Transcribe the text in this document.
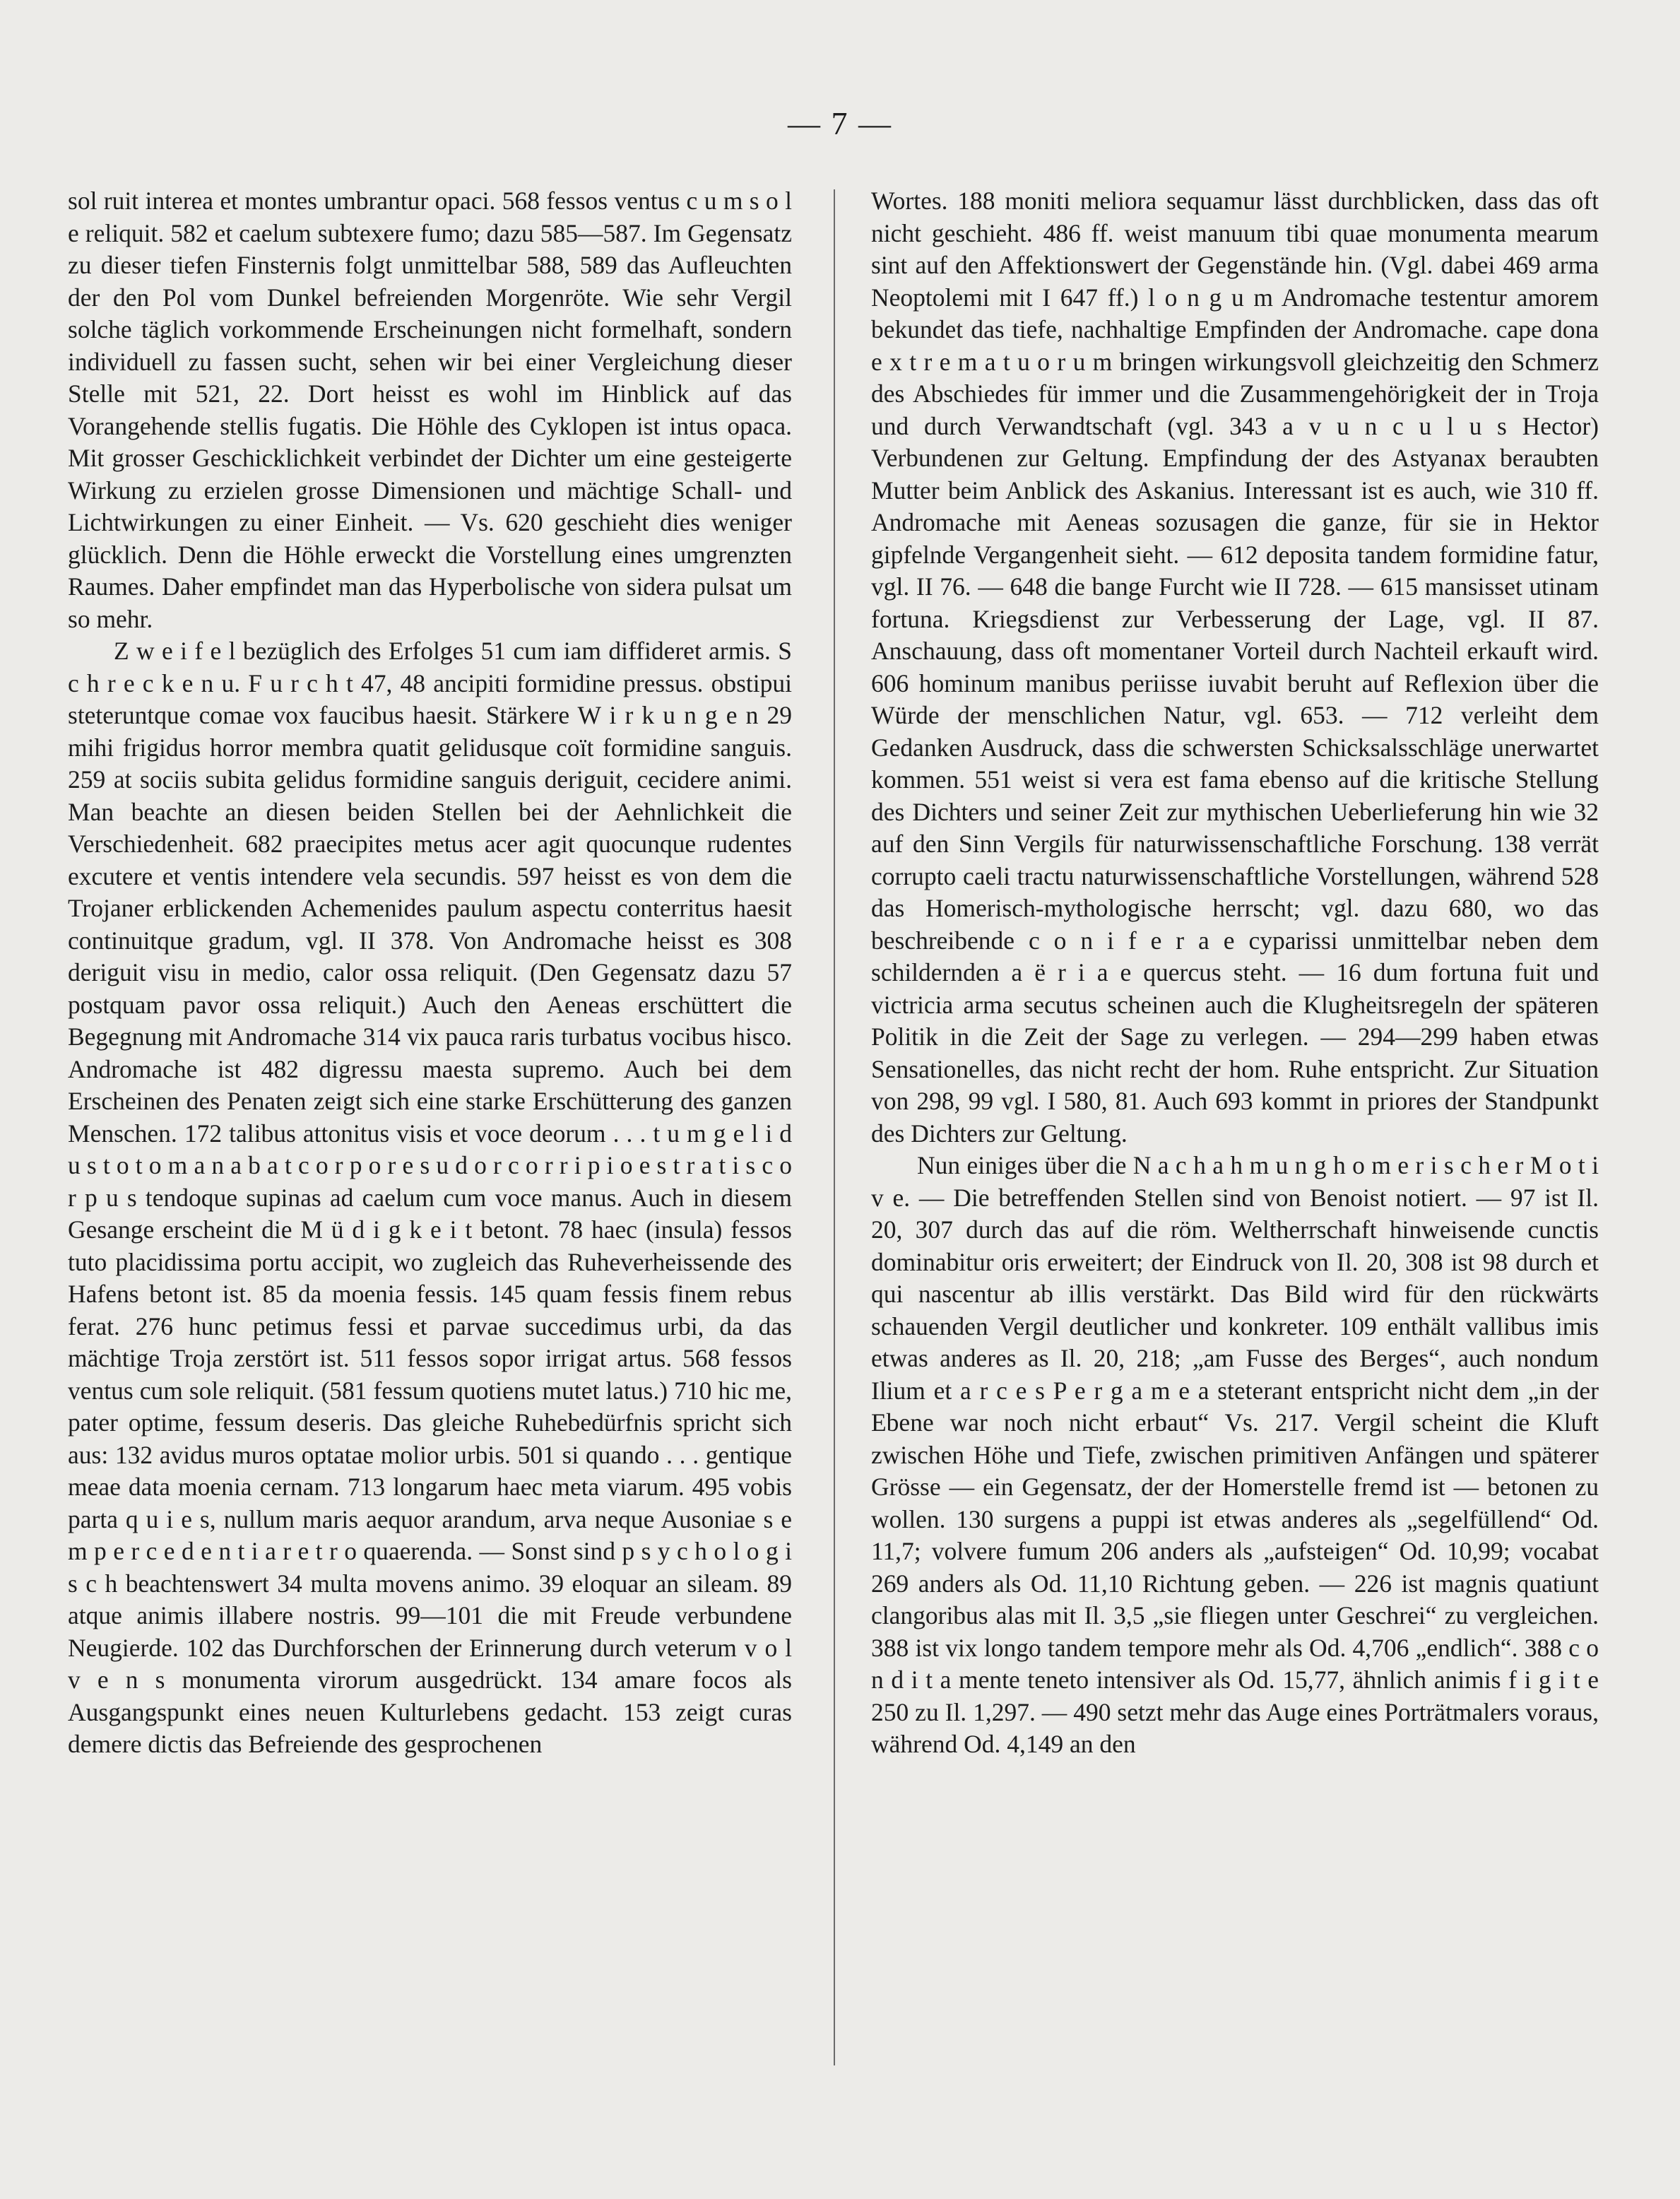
— 7 —

sol ruit interea et montes umbrantur opaci. 568 fessos ventus c u m s o l e reliquit. 582 et caelum subtexere fumo; dazu 585—587. Im Gegensatz zu dieser tiefen Finsternis folgt unmittelbar 588, 589 das Aufleuchten der den Pol vom Dunkel befreienden Morgenröte. Wie sehr Vergil solche täglich vorkommende Erscheinungen nicht formelhaft, sondern individuell zu fassen sucht, sehen wir bei einer Vergleichung dieser Stelle mit 521, 22. Dort heisst es wohl im Hinblick auf das Vorangehende stellis fugatis. Die Höhle des Cyklopen ist intus opaca. Mit grosser Geschicklichkeit verbindet der Dichter um eine gesteigerte Wirkung zu erzielen grosse Dimensionen und mächtige Schall- und Lichtwirkungen zu einer Einheit. — Vs. 620 geschieht dies weniger glücklich. Denn die Höhle erweckt die Vorstellung eines umgrenzten Raumes. Daher empfindet man das Hyperbolische von sidera pulsat um so mehr.

Z w e i f e l bezüglich des Erfolges 51 cum iam diffideret armis. S c h r e c k e n u. F u r c h t 47, 48 ancipiti formidine pressus. obstipui steteruntque comae vox faucibus haesit. Stärkere W i r k u n g e n 29 mihi frigidus horror membra quatit gelidusque coït formidine sanguis. 259 at sociis subita gelidus formidine sanguis deriguit, cecidere animi. Man beachte an diesen beiden Stellen bei der Aehnlichkeit die Verschiedenheit. 682 praecipites metus acer agit quocunque rudentes excutere et ventis intendere vela secundis. 597 heisst es von dem die Trojaner erblickenden Achemenides paulum aspectu conterritus haesit continuitque gradum, vgl. II 378. Von Andromache heisst es 308 deriguit visu in medio, calor ossa reliquit. (Den Gegensatz dazu 57 postquam pavor ossa reliquit.) Auch den Aeneas erschüttert die Begegnung mit Andromache 314 vix pauca raris turbatus vocibus hisco. Andromache ist 482 digressu maesta supremo. Auch bei dem Erscheinen des Penaten zeigt sich eine starke Erschütterung des ganzen Menschen. 172 talibus attonitus visis et voce deorum . . . t u m g e l i d u s t o t o m a n a b a t c o r p o r e s u d o r c o r r i p i o e s t r a t i s c o r p u s tendoque supinas ad caelum cum voce manus. Auch in diesem Gesange erscheint die M ü d i g k e i t betont. 78 haec (insula) fessos tuto placidissima portu accipit, wo zugleich das Ruheverheissende des Hafens betont ist. 85 da moenia fessis. 145 quam fessis finem rebus ferat. 276 hunc petimus fessi et parvae succedimus urbi, da das mächtige Troja zerstört ist. 511 fessos sopor irrigat artus. 568 fessos ventus cum sole reliquit. (581 fessum quotiens mutet latus.) 710 hic me, pater optime, fessum deseris. Das gleiche Ruhebedürfnis spricht sich aus: 132 avidus muros optatae molior urbis. 501 si quando . . . gentique meae data moenia cernam. 713 longarum haec meta viarum. 495 vobis parta q u i e s, nullum maris aequor arandum, arva neque Ausoniae s e m p e r c e d e n t i a r e t r o quaerenda. — Sonst sind p s y c h o l o g i s c h beachtenswert 34 multa movens animo. 39 eloquar an sileam. 89 atque animis illabere nostris. 99—101 die mit Freude verbundene Neugierde. 102 das Durchforschen der Erinnerung durch veterum v o l v e n s monumenta virorum ausgedrückt. 134 amare focos als Ausgangspunkt eines neuen Kulturlebens gedacht. 153 zeigt curas demere dictis das Befreiende des gesprochenen

Wortes. 188 moniti meliora sequamur lässt durchblicken, dass das oft nicht geschieht. 486 ff. weist manuum tibi quae monumenta mearum sint auf den Affektionswert der Gegenstände hin. (Vgl. dabei 469 arma Neoptolemi mit I 647 ff.) l o n g u m Andromache testentur amorem bekundet das tiefe, nachhaltige Empfinden der Andromache. cape dona e x t r e m a t u o r u m bringen wirkungsvoll gleichzeitig den Schmerz des Abschiedes für immer und die Zusammengehörigkeit der in Troja und durch Verwandtschaft (vgl. 343 a v u n c u l u s Hector) Verbundenen zur Geltung. Empfindung der des Astyanax beraubten Mutter beim Anblick des Askanius. Interessant ist es auch, wie 310 ff. Andromache mit Aeneas sozusagen die ganze, für sie in Hektor gipfelnde Vergangenheit sieht. — 612 deposita tandem formidine fatur, vgl. II 76. — 648 die bange Furcht wie II 728. — 615 mansisset utinam fortuna. Kriegsdienst zur Verbesserung der Lage, vgl. II 87. Anschauung, dass oft momentaner Vorteil durch Nachteil erkauft wird. 606 hominum manibus periisse iuvabit beruht auf Reflexion über die Würde der menschlichen Natur, vgl. 653. — 712 verleiht dem Gedanken Ausdruck, dass die schwersten Schicksalsschläge unerwartet kommen. 551 weist si vera est fama ebenso auf die kritische Stellung des Dichters und seiner Zeit zur mythischen Ueberlieferung hin wie 32 auf den Sinn Vergils für naturwissenschaftliche Forschung. 138 verrät corrupto caeli tractu naturwissenschaftliche Vorstellungen, während 528 das Homerisch-mythologische herrscht; vgl. dazu 680, wo das beschreibende c o n i f e r a e cyparissi unmittelbar neben dem schildernden a ë r i a e quercus steht. — 16 dum fortuna fuit und victricia arma secutus scheinen auch die Klugheitsregeln der späteren Politik in die Zeit der Sage zu verlegen. — 294—299 haben etwas Sensationelles, das nicht recht der hom. Ruhe entspricht. Zur Situation von 298, 99 vgl. I 580, 81. Auch 693 kommt in priores der Standpunkt des Dichters zur Geltung.

Nun einiges über die N a c h a h m u n g h o m e r i s c h e r M o t i v e. — Die betreffenden Stellen sind von Benoist notiert. — 97 ist Il. 20, 307 durch das auf die röm. Weltherrschaft hinweisende cunctis dominabitur oris erweitert; der Eindruck von Il. 20, 308 ist 98 durch et qui nascentur ab illis verstärkt. Das Bild wird für den rückwärts schauenden Vergil deutlicher und konkreter. 109 enthält vallibus imis etwas anderes as Il. 20, 218; „am Fusse des Berges“, auch nondum Ilium et a r c e s P e r g a m e a steterant entspricht nicht dem „in der Ebene war noch nicht erbaut“ Vs. 217. Vergil scheint die Kluft zwischen Höhe und Tiefe, zwischen primitiven Anfängen und späterer Grösse — ein Gegensatz, der der Homerstelle fremd ist — betonen zu wollen. 130 surgens a puppi ist etwas anderes als „segelfüllend“ Od. 11,7; volvere fumum 206 anders als „aufsteigen“ Od. 10,99; vocabat 269 anders als Od. 11,10 Richtung geben. — 226 ist magnis quatiunt clangoribus alas mit Il. 3,5 „sie fliegen unter Geschrei“ zu vergleichen. 388 ist vix longo tandem tempore mehr als Od. 4,706 „endlich“. 388 c o n d i t a mente teneto intensiver als Od. 15,77, ähnlich animis f i g i t e 250 zu Il. 1,297. — 490 setzt mehr das Auge eines Porträtmalers voraus, während Od. 4,149 an den
